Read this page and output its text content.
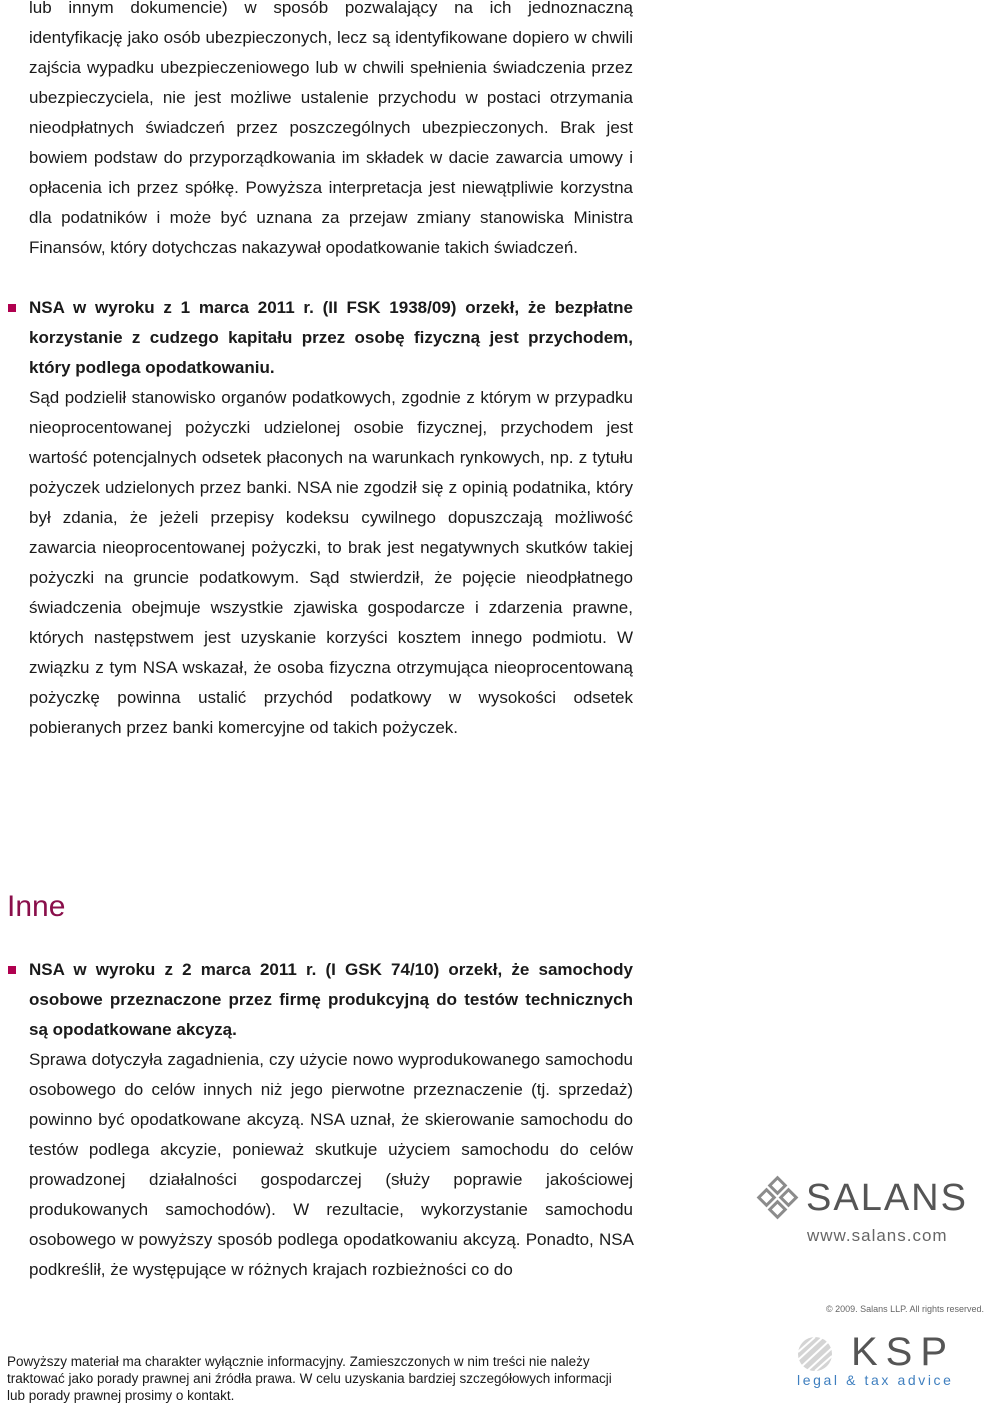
lub innym dokumencie) w sposób pozwalający na ich jednoznaczną identyfikację jako osób ubezpieczonych, lecz są identyfikowane dopiero w chwili zajścia wypadku ubezpieczeniowego lub w chwili spełnienia świadczenia przez ubezpieczyciela, nie jest możliwe ustalenie przychodu w postaci otrzymania nieodpłatnych świadczeń przez poszczególnych ubezpieczonych. Brak jest bowiem podstaw do przyporządkowania im składek w dacie zawarcia umowy i opłacenia ich przez spółkę. Powyższa interpretacja jest niewątpliwie korzystna dla podatników i może być uznana za przejaw zmiany stanowiska Ministra Finansów, który dotychczas nakazywał opodatkowanie takich świadczeń.

NSA w wyroku z 1 marca 2011 r. (II FSK 1938/09) orzekł, że bezpłatne korzystanie z cudzego kapitału przez osobę fizyczną jest przychodem, który podlega opodatkowaniu.

Sąd podzielił stanowisko organów podatkowych, zgodnie z którym w przypadku nieoprocentowanej pożyczki udzielonej osobie fizycznej, przychodem jest wartość potencjalnych odsetek płaconych na warunkach rynkowych, np. z tytułu pożyczek udzielonych przez banki. NSA nie zgodził się z opinią podatnika, który był zdania, że jeżeli przepisy kodeksu cywilnego dopuszczają możliwość zawarcia nieoprocentowanej pożyczki, to brak jest negatywnych skutków takiej pożyczki na gruncie podatkowym. Sąd stwierdził, że pojęcie nieodpłatnego świadczenia obejmuje wszystkie zjawiska gospodarcze i zdarzenia prawne, których następstwem jest uzyskanie korzyści kosztem innego podmiotu. W związku z tym NSA wskazał, że osoba fizyczna otrzymująca nieoprocentowaną pożyczkę powinna ustalić przychód podatkowy w wysokości odsetek pobieranych przez banki komercyjne od takich pożyczek.

Inne

NSA w wyroku z 2 marca 2011 r. (I GSK 74/10) orzekł, że samochody osobowe przeznaczone przez firmę produkcyjną do testów technicznych są opodatkowane akcyzą.

Sprawa dotyczyła zagadnienia, czy użycie nowo wyprodukowanego samochodu osobowego do celów innych niż jego pierwotne przeznaczenie (tj. sprzedaż) powinno być opodatkowane akcyzą. NSA uznał, że skierowanie samochodu do testów podlega akcyzie, ponieważ skutkuje użyciem samochodu do celów prowadzonej działalności gospodarczej (służy poprawie jakościowej produkowanych samochodów). W rezultacie, wykorzystanie samochodu osobowego w powyższy sposób podlega opodatkowaniu akcyzą. Ponadto, NSA podkreślił, że występujące w różnych krajach rozbieżności co do

SALANS
www.salans.com
© 2009. Salans LLP. All rights reserved.
KSP
legal & tax advice
Powyższy materiał ma charakter wyłącznie informacyjny. Zamieszczonych w nim treści nie należy
traktować jako porady prawnej ani źródła prawa. W celu uzyskania bardziej szczegółowych informacji
lub porady prawnej prosimy o kontakt.
